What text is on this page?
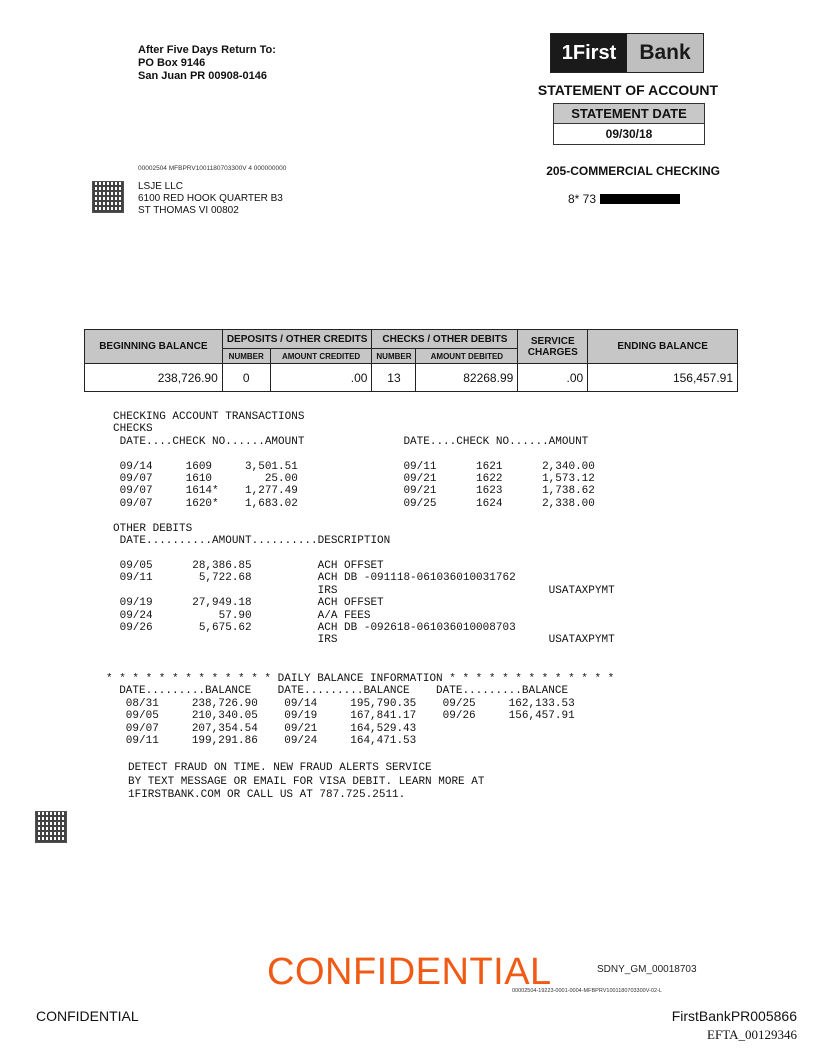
After Five Days Return To:
PO Box 9146
San Juan PR 00908-0146
1First	Bank
STATEMENT OF ACCOUNT
STATEMENT DATE
09/30/18
205-COMMERCIAL CHECKING
8* 73
00002504 MFBPRV1001180703300V 4 000000000
LSJE LLC
6100 RED HOOK QUARTER B3
ST THOMAS VI 00802
BEGINNING BALANCE	DEPOSITS / OTHER CREDITS		CHECKS / OTHER DEBITS		SERVICE CHARGES	ENDING BALANCE
	NUMBER	AMOUNT CREDITED	NUMBER	AMOUNT DEBITED		
238,726.90	0	.00	13	82268.99	.00	156,457.91
CHECKING ACCOUNT TRANSACTIONS
CHECKS
DATE....CHECK NO......AMOUNT               DATE....CHECK NO......AMOUNT

09/14     1609     3,501.51                09/11      1621      2,340.00
09/07     1610        25.00                09/21      1622      1,573.12
09/07     1614*    1,277.49                09/21      1623      1,738.62
09/07     1620*    1,683.02                09/25      1624      2,338.00

OTHER DEBITS
DATE..........AMOUNT..........DESCRIPTION

09/05      28,386.85          ACH OFFSET
09/11       5,722.68          ACH DB -091118-061036010031762
IRS                                USATAXPYMT
09/19      27,949.18          ACH OFFSET
09/24          57.90          A/A FEES
09/26       5,675.62          ACH DB -092618-061036010008703
IRS                                USATAXPYMT
* * * * * * * * * * * * * DAILY BALANCE INFORMATION * * * * * * * * * * * * *
DATE.........BALANCE    DATE.........BALANCE    DATE.........BALANCE
08/31     238,726.90    09/14     195,790.35    09/25     162,133.53
09/05     210,340.05    09/19     167,841.17    09/26     156,457.91
09/07     207,354.54    09/21     164,529.43
09/11     199,291.86    09/24     164,471.53
DETECT FRAUD ON TIME. NEW FRAUD ALERTS SERVICE
BY TEXT MESSAGE OR EMAIL FOR VISA DEBIT. LEARN MORE AT
1FIRSTBANK.COM OR CALL US AT 787.725.2511.
CONFIDENTIAL	SDNY_GM_00018703
00002504-19223-0001-0004-MFBPRV1001180703300V-02-L
CONFIDENTIAL	FirstBankPR005866
EFTA_00129346
